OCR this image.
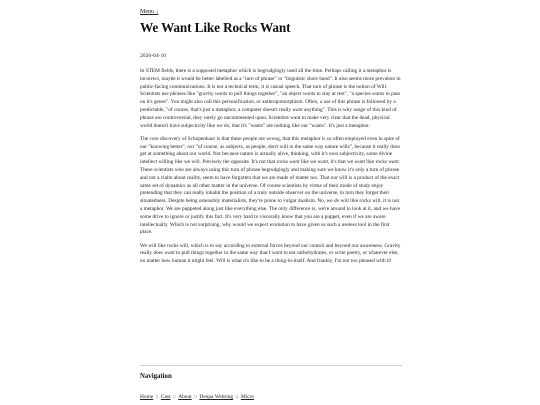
Menu ↓
We Want Like Rocks Want
2026-04-10

In STEM fields, there is a supposed metaphor which is begrudgingly used all the time. Perhaps calling it a metaphor is incorrect, maybe it would be better labelled as a "turn of phrase" or "linguistic short-hand". It also seems more prevalent in public-facing communications. It is not a technical term, it is casual speech. That turn of phrase is the notion of Will. Scientists use phrases like "gravity wants to pull things together", "an object wants to stay at rest", "a species wants to pass on it's genes". You might also call this personification, or anthropomorphism. Often, a use of this phrase is followed by a predictable, "of course, that's just a metaphor, a computer doesn't really want anything". This is why usage of this kind of phrase are controversial, they rarely go uncommented upon. Scientists want to make very clear that the dead, physical world doesn't have subjectivity like we do, that it's "wants" are nothing like our "wants". It's just a metaphor.

The core discovery of Schopenhaur is that these people are wrong, that this metaphor is so often employed even in spite of our "knowing better", our "of course, as subjects, as people, don't will in the same way nature wills", because it really does get at something about our world. Not because nature is actually alive, thinking, with it's own subjectivity, some divine intellect willing like we will. Precisely the opposite. It's not that rocks want like we want, it's that we want like rocks want. These scientists who are always using this turn of phrase begrudgingly and making sure we know it's only a turn of phrase and not a claim about reality, seem to have forgotten that we are made of matter too. That our will is a product of the exact same set of dynamics as all other matter in the universe. Of course scientists by virtue of their mode of study enjoy pretending that they can really inhabit the position of a truly outside observer on the universe, in turn they forget their situatedness. Despite being ostensibly materialists, they're prone to vulgar dualism. No, we do will like rocks will, it is not a metaphor. We are puppeted along just like everything else. The only difference is, we're around to look at it, and we have some drive to ignore or justify this fact. It's very hard to viscerally know that you are a puppet, even if we are aware intellectually. Which is not surprising, why would we expect evolution to have given us such a useless tool in the first place.

We will like rocks will, which is to say according to external forces beyond our control and beyond our awareness. Gravity really does want to pull things together in the same way that I want to eat carbohydrates, or write poetry, or whatever else, no matter how human it might feel. Will is what it's like to be a thing-in-itself. And frankly, I'm not too pleased with it!

Navigation
Home :: Cast :: About :: Denpa Webring :: Micro
